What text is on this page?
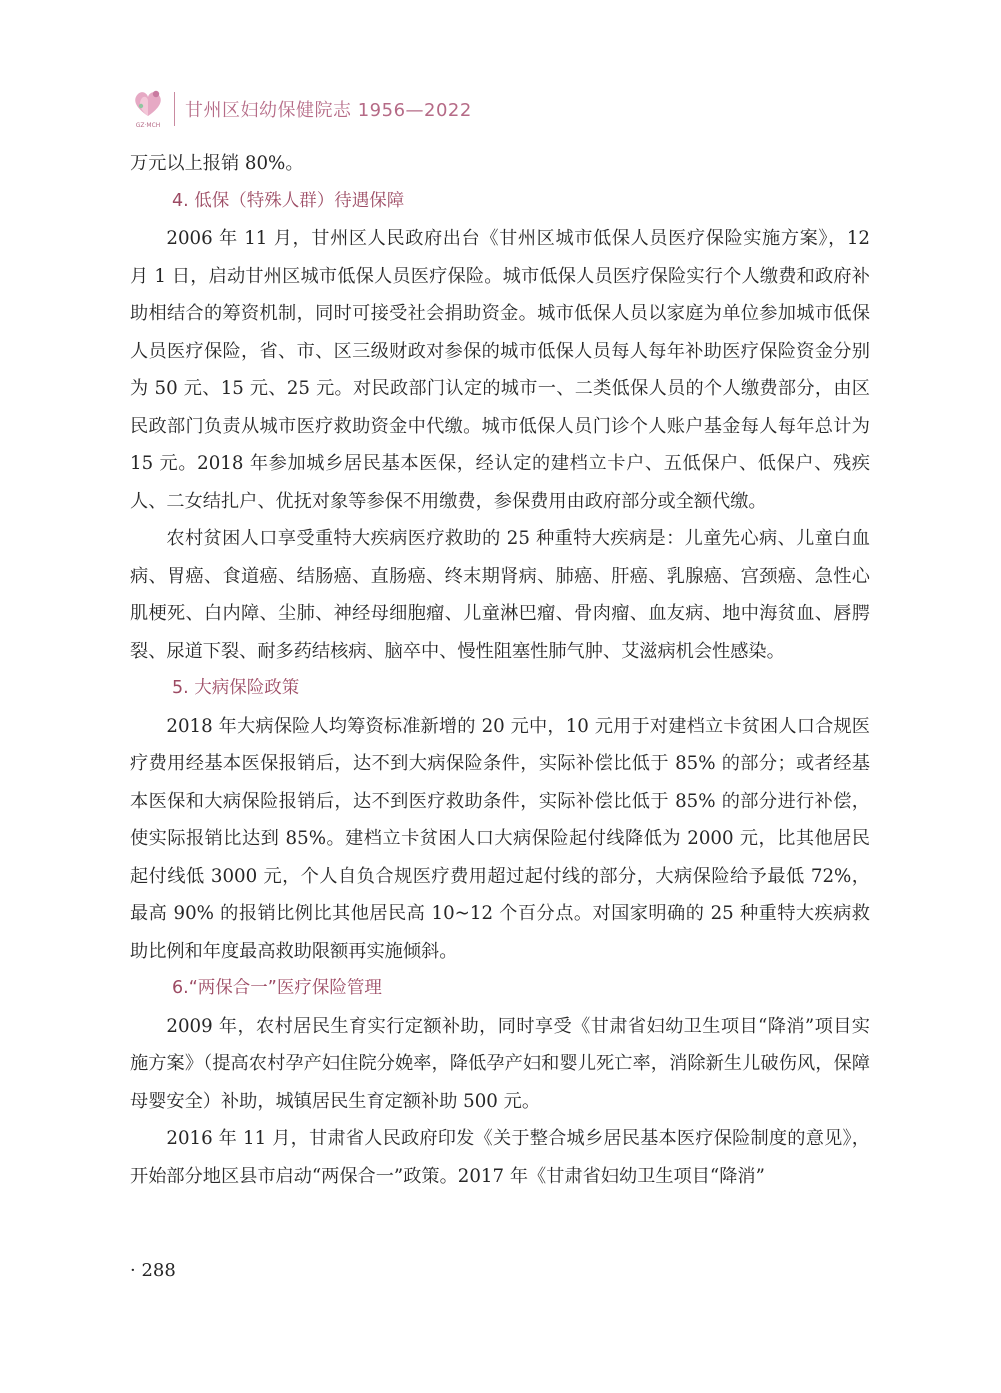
GZ·MCH
甘州区妇幼保健院志 1956—2022

万元以上报销 80%。

4. 低保（特殊人群）待遇保障

2006 年 11 月，甘州区人民政府出台《甘州区城市低保人员医疗保险实施方案》，12 月 1 日，启动甘州区城市低保人员医疗保险。城市低保人员医疗保险实行个人缴费和政府补助相结合的筹资机制，同时可接受社会捐助资金。城市低保人员以家庭为单位参加城市低保人员医疗保险，省、市、区三级财政对参保的城市低保人员每人每年补助医疗保险资金分别为 50 元、15 元、25 元。对民政部门认定的城市一、二类低保人员的个人缴费部分，由区民政部门负责从城市医疗救助资金中代缴。城市低保人员门诊个人账户基金每人每年总计为 15 元。2018 年参加城乡居民基本医保，经认定的建档立卡户、五低保户、低保户、残疾人、二女结扎户、优抚对象等参保不用缴费，参保费用由政府部分或全额代缴。

农村贫困人口享受重特大疾病医疗救助的 25 种重特大疾病是：儿童先心病、儿童白血病、胃癌、食道癌、结肠癌、直肠癌、终末期肾病、肺癌、肝癌、乳腺癌、宫颈癌、急性心肌梗死、白内障、尘肺、神经母细胞瘤、儿童淋巴瘤、骨肉瘤、血友病、地中海贫血、唇腭裂、尿道下裂、耐多药结核病、脑卒中、慢性阻塞性肺气肿、艾滋病机会性感染。

5. 大病保险政策

2018 年大病保险人均筹资标准新增的 20 元中，10 元用于对建档立卡贫困人口合规医疗费用经基本医保报销后，达不到大病保险条件，实际补偿比低于 85% 的部分；或者经基本医保和大病保险报销后，达不到医疗救助条件，实际补偿比低于 85% 的部分进行补偿，使实际报销比达到 85%。建档立卡贫困人口大病保险起付线降低为 2000 元，比其他居民起付线低 3000 元，个人自负合规医疗费用超过起付线的部分，大病保险给予最低 72%，最高 90% 的报销比例比其他居民高 10~12 个百分点。对国家明确的 25 种重特大疾病救助比例和年度最高救助限额再实施倾斜。

6.“两保合一”医疗保险管理

2009 年，农村居民生育实行定额补助，同时享受《甘肃省妇幼卫生项目“降消”项目实施方案》（提高农村孕产妇住院分娩率，降低孕产妇和婴儿死亡率，消除新生儿破伤风，保障母婴安全）补助，城镇居民生育定额补助 500 元。

2016 年 11 月，甘肃省人民政府印发《关于整合城乡居民基本医疗保险制度的意见》，开始部分地区县市启动“两保合一”政策。2017 年《甘肃省妇幼卫生项目“降消”

· 288
